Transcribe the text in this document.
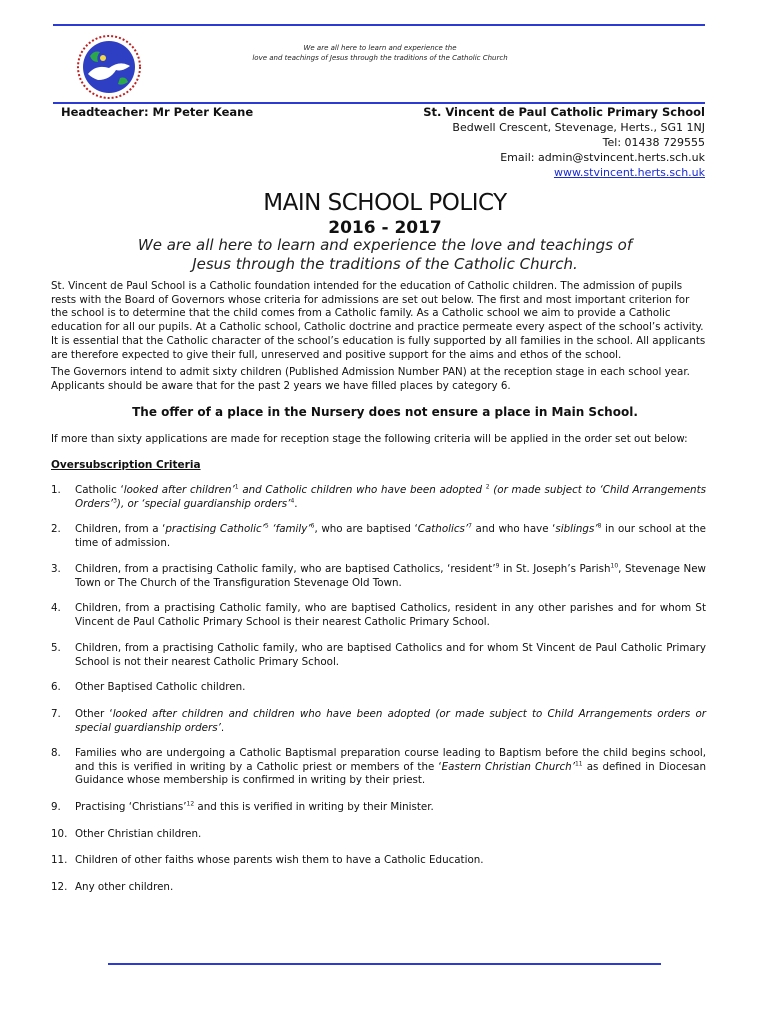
We are all here to learn and experience the
love and teachings of Jesus through the traditions of the Catholic Church
Headteacher: Mr Peter Keane	St. Vincent de Paul Catholic Primary School
Bedwell Crescent, Stevenage, Herts., SG1 1NJ
Tel: 01438 729555
Email: admin@stvincent.herts.sch.uk
www.stvincent.herts.sch.uk
MAIN SCHOOL POLICY
2016 - 2017
We are all here to learn and experience the love and teachings of
Jesus through the traditions of the Catholic Church.
St. Vincent de Paul School is a Catholic foundation intended for the education of Catholic children. The admission of pupils rests with the Board of Governors whose criteria for admissions are set out below. The first and most important criterion for the school is to determine that the child comes from a Catholic family. As a Catholic school we aim to provide a Catholic education for all our pupils. At a Catholic school, Catholic doctrine and practice permeate every aspect of the school’s activity. It is essential that the Catholic character of the school’s education is fully supported by all families in the school. All applicants are therefore expected to give their full, unreserved and positive support for the aims and ethos of the school.
The Governors intend to admit sixty children (Published Admission Number PAN) at the reception stage in each school year. Applicants should be aware that for the past 2 years we have filled places by category 6.
The offer of a place in the Nursery does not ensure a place in Main School.
If more than sixty applications are made for reception stage the following criteria will be applied in the order set out below:
Oversubscription Criteria
1.	Catholic ‘looked after children’$^1$ and Catholic children who have been adopted $^2$ (or made subject to ‘Child Arrangements Orders’$^3$), or ‘special guardianship orders’$^4$.
2.	Children, from a ‘practising Catholic’$^5$ ‘family’$^6$, who are baptised ‘Catholics’$^7$ and who have ‘siblings’$^8$ in our school at the time of admission.
3.	Children, from a practising Catholic family, who are baptised Catholics, ‘resident’$^9$ in St. Joseph’s Parish$^{10}$, Stevenage New Town or The Church of the Transfiguration Stevenage Old Town.
4.	Children, from a practising Catholic family, who are baptised Catholics, resident in any other parishes and for whom St Vincent de Paul Catholic Primary School is their nearest Catholic Primary School.
5.	Children, from a practising Catholic family, who are baptised Catholics and for whom St Vincent de Paul Catholic Primary School is not their nearest Catholic Primary School.
6.	Other Baptised Catholic children.
7.	Other ‘looked after children and children who have been adopted (or made subject to Child Arrangements orders or special guardianship orders’.
8.	Families who are undergoing a Catholic Baptismal preparation course leading to Baptism before the child begins school, and this is verified in writing by a Catholic priest or members of the ‘Eastern Christian Church’$^{11}$ as defined in Diocesan Guidance whose membership is confirmed in writing by their priest.
9.	Practising ‘Christians’$^{12}$ and this is verified in writing by their Minister.
10. Other Christian children.
11. Children of other faiths whose parents wish them to have a Catholic Education.
12. Any other children.
